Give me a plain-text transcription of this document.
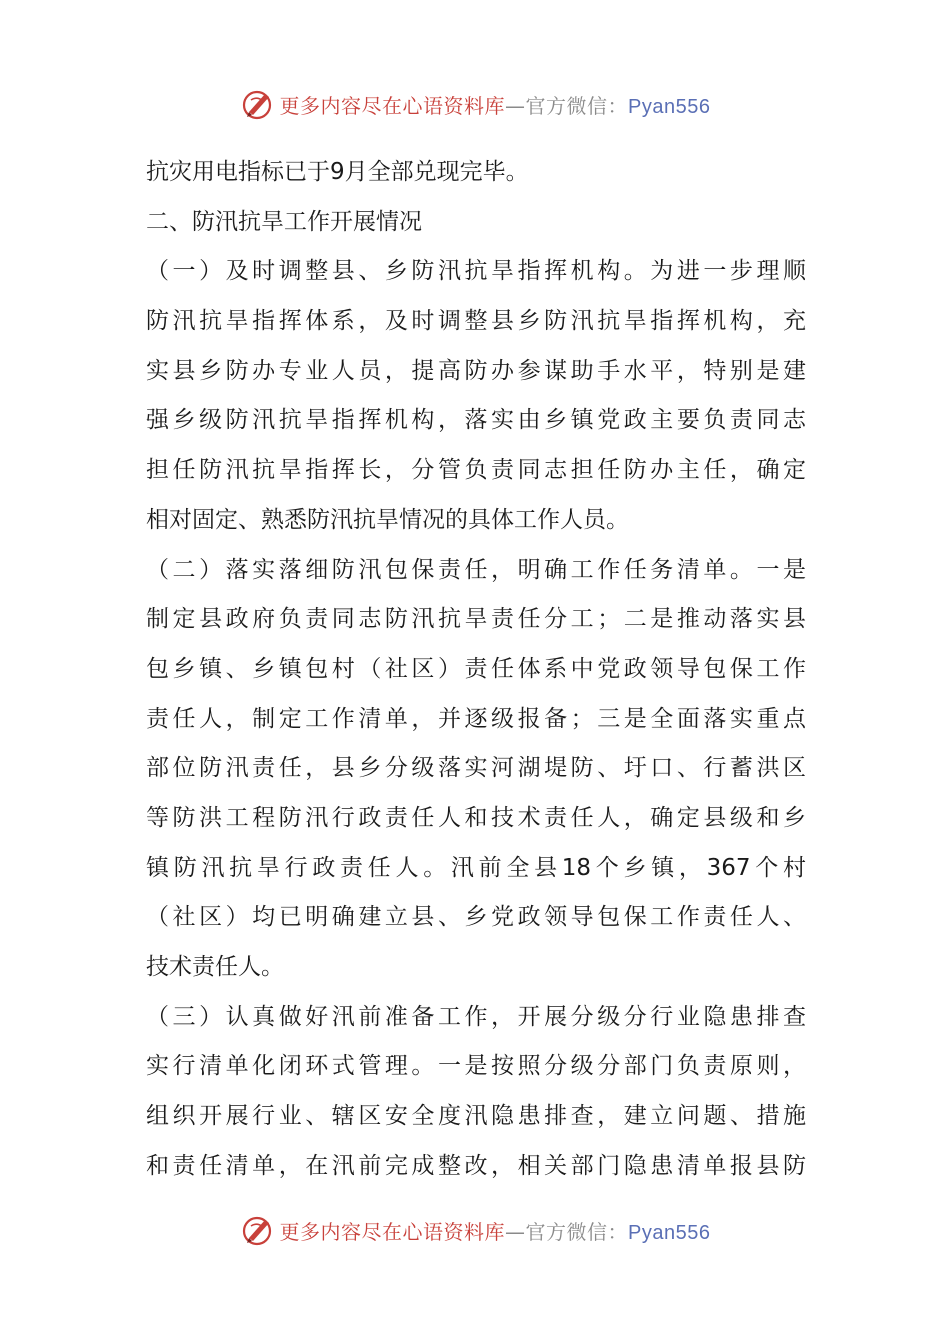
更多内容尽在心语资料库—官方微信：Pyan556
抗灾用电指标已于9月全部兑现完毕。
二、防汛抗旱工作开展情况
（一）及时调整县、乡防汛抗旱指挥机构。为进一步理顺
防汛抗旱指挥体系，及时调整县乡防汛抗旱指挥机构，充
实县乡防办专业人员，提高防办参谋助手水平，特别是建
强乡级防汛抗旱指挥机构，落实由乡镇党政主要负责同志
担任防汛抗旱指挥长，分管负责同志担任防办主任，确定
相对固定、熟悉防汛抗旱情况的具体工作人员。
（二）落实落细防汛包保责任，明确工作任务清单。一是
制定县政府负责同志防汛抗旱责任分工；二是推动落实县
包乡镇、乡镇包村（社区）责任体系中党政领导包保工作
责任人，制定工作清单，并逐级报备；三是全面落实重点
部位防汛责任，县乡分级落实河湖堤防、圩口、行蓄洪区
等防洪工程防汛行政责任人和技术责任人，确定县级和乡
镇防汛抗旱行政责任人。汛前全县18个乡镇，367个村
（社区）均已明确建立县、乡党政领导包保工作责任人、
技术责任人。
（三）认真做好汛前准备工作，开展分级分行业隐患排查
实行清单化闭环式管理。一是按照分级分部门负责原则，
组织开展行业、辖区安全度汛隐患排查，建立问题、措施
和责任清单，在汛前完成整改，相关部门隐患清单报县防
更多内容尽在心语资料库—官方微信：Pyan556
